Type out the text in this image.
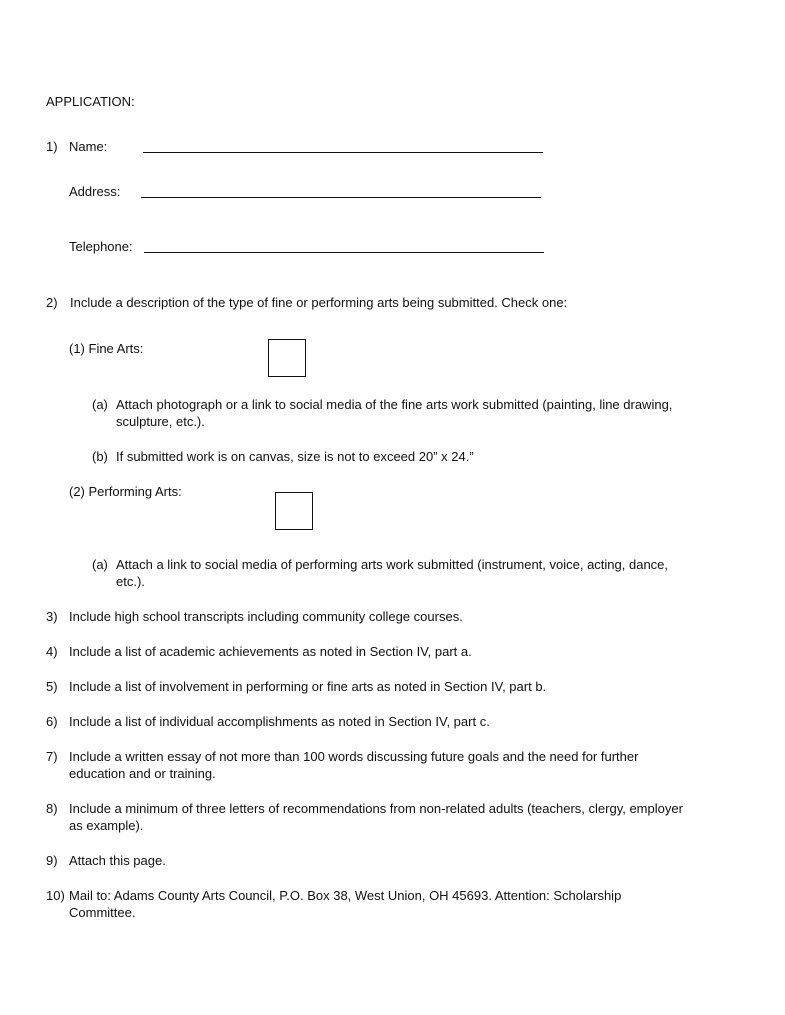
APPLICATION:
1) Name:
Address:
Telephone:
2) Include a description of the type of fine or performing arts being submitted. Check one:
(1) Fine Arts:
(a) Attach photograph or a link to social media of the fine arts work submitted (painting, line drawing,
sculpture, etc.).
(b) If submitted work is on canvas, size is not to exceed 20” x 24.”
(2) Performing Arts:
(a) Attach a link to social media of performing arts work submitted (instrument, voice, acting, dance,
etc.).
3) Include high school transcripts including community college courses.
4) Include a list of academic achievements as noted in Section IV, part a.
5) Include a list of involvement in performing or fine arts as noted in Section IV, part b.
6) Include a list of individual accomplishments as noted in Section IV, part c.
7) Include a written essay of not more than 100 words discussing future goals and the need for further
education and or training.
8) Include a minimum of three letters of recommendations from non-related adults (teachers, clergy, employer
as example).
9) Attach this page.
10) Mail to: Adams County Arts Council, P.O. Box 38, West Union, OH 45693. Attention: Scholarship
Committee.
